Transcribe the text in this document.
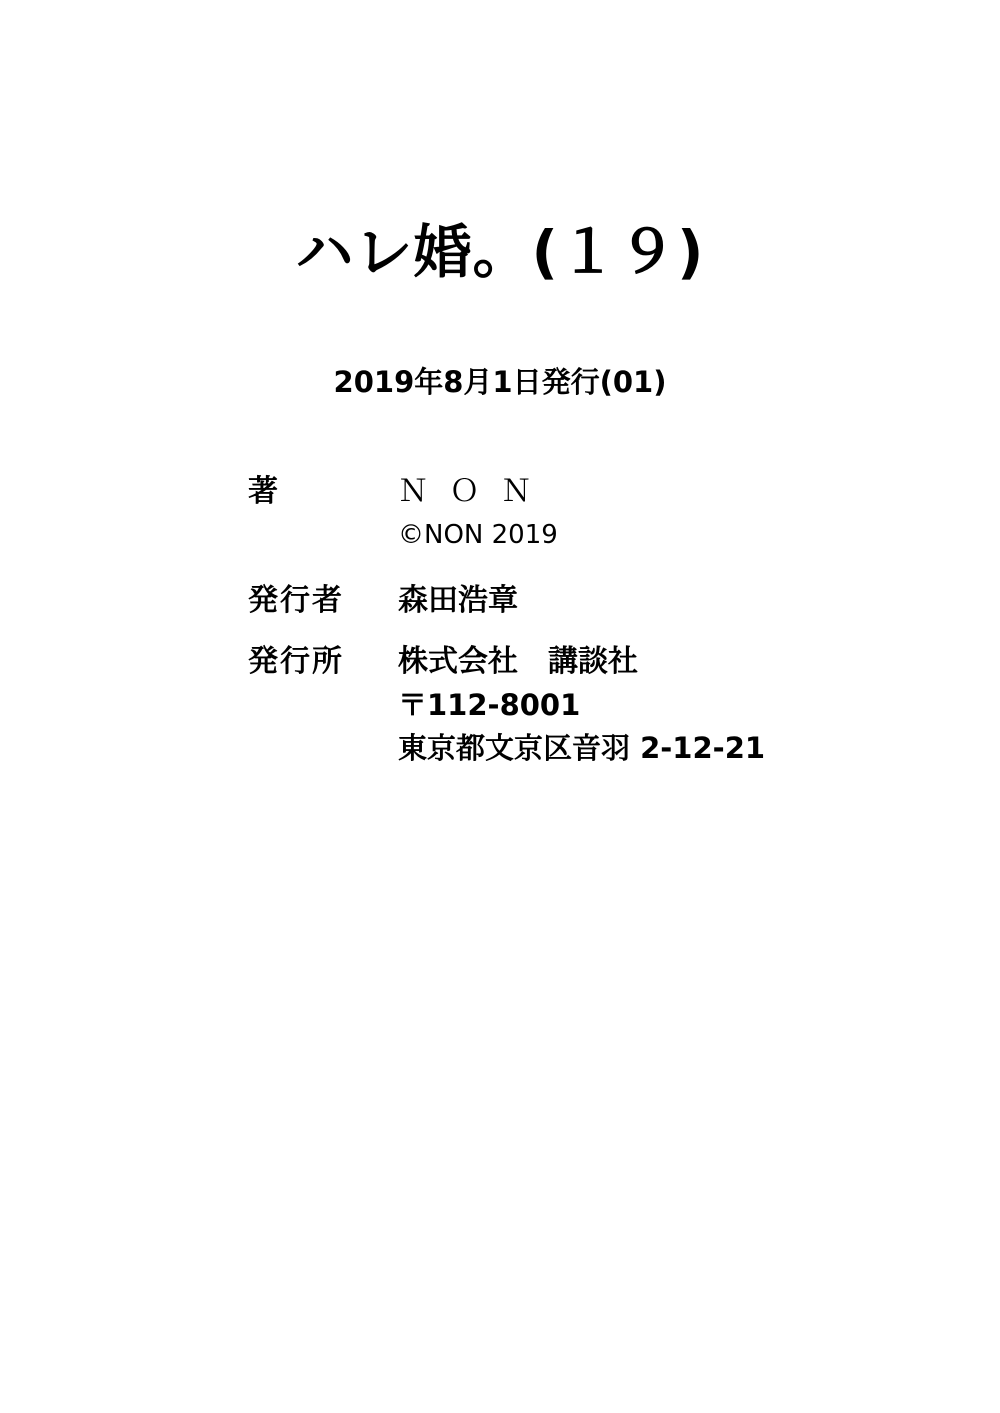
ハレ婚。(１９)
2019年8月1日発行(01)
著	Ｎ Ｏ Ｎ
©NON 2019
発行者	森田浩章
発行所	株式会社　講談社
〒112-8001
東京都文京区音羽 2-12-21
